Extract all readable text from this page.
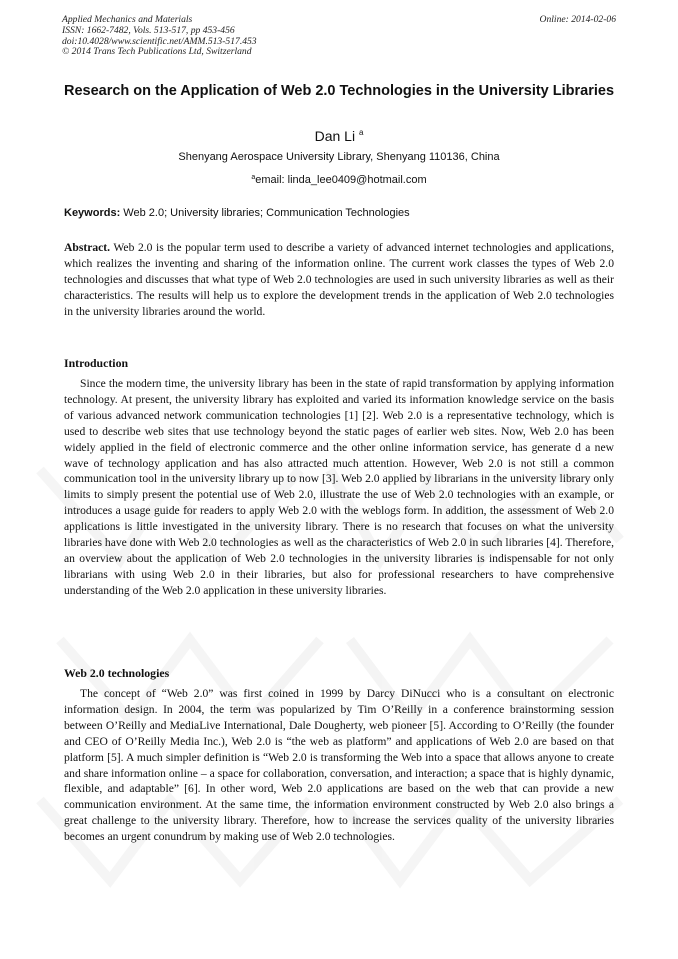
Applied Mechanics and Materials
ISSN: 1662-7482, Vols. 513-517, pp 453-456
doi:10.4028/www.scientific.net/AMM.513-517.453
© 2014 Trans Tech Publications Ltd, Switzerland
Online: 2014-02-06
Research on the Application of Web 2.0 Technologies in the University Libraries
Dan Li $^a$
Shenyang Aerospace University Library, Shenyang 110136, China
$^a$email: linda_lee0409@hotmail.com
Keywords: Web 2.0; University libraries; Communication Technologies
Abstract. Web 2.0 is the popular term used to describe a variety of advanced internet technologies and applications, which realizes the inventing and sharing of the information online. The current work classes the types of Web 2.0 technologies and discusses that what type of Web 2.0 technologies are used in such university libraries as well as their characteristics. The results will help us to explore the development trends in the application of Web 2.0 technologies in the university libraries around the world.
Introduction
Since the modern time, the university library has been in the state of rapid transformation by applying information technology. At present, the university library has exploited and varied its information knowledge service on the basis of various advanced network communication technologies [1] [2]. Web 2.0 is a representative technology, which is used to describe web sites that use technology beyond the static pages of earlier web sites. Now, Web 2.0 has been widely applied in the field of electronic commerce and the other online information service, has generate d a new wave of technology application and has also attracted much attention. However, Web 2.0 is not still a common communication tool in the university library up to now [3]. Web 2.0 applied by librarians in the university library only limits to simply present the potential use of Web 2.0, illustrate the use of Web 2.0 technologies with an example, or introduces a usage guide for readers to apply Web 2.0 with the weblogs form. In addition, the assessment of Web 2.0 applications is little investigated in the university library. There is no research that focuses on what the university libraries have done with Web 2.0 technologies as well as the characteristics of Web 2.0 in such libraries [4]. Therefore, an overview about the application of Web 2.0 technologies in the university libraries is indispensable for not only librarians with using Web 2.0 in their libraries, but also for professional researchers to have comprehensive understanding of the Web 2.0 application in these university libraries.
Web 2.0 technologies
The concept of “Web 2.0” was first coined in 1999 by Darcy DiNucci who is a consultant on electronic information design. In 2004, the term was popularized by Tim O’Reilly in a conference brainstorming session between O’Reilly and MediaLive International, Dale Dougherty, web pioneer [5]. According to O’Reilly (the founder and CEO of O’Reilly Media Inc.), Web 2.0 is “the web as platform” and applications of Web 2.0 are based on that platform [5]. A much simpler definition is “Web 2.0 is transforming the Web into a space that allows anyone to create and share information online – a space for collaboration, conversation, and interaction; a space that is highly dynamic, flexible, and adaptable” [6]. In other word, Web 2.0 applications are based on the web that can provide a new communication environment. At the same time, the information environment constructed by Web 2.0 also brings a great challenge to the university library. Therefore, how to increase the services quality of the university libraries becomes an urgent conundrum by making use of Web 2.0 technologies.
